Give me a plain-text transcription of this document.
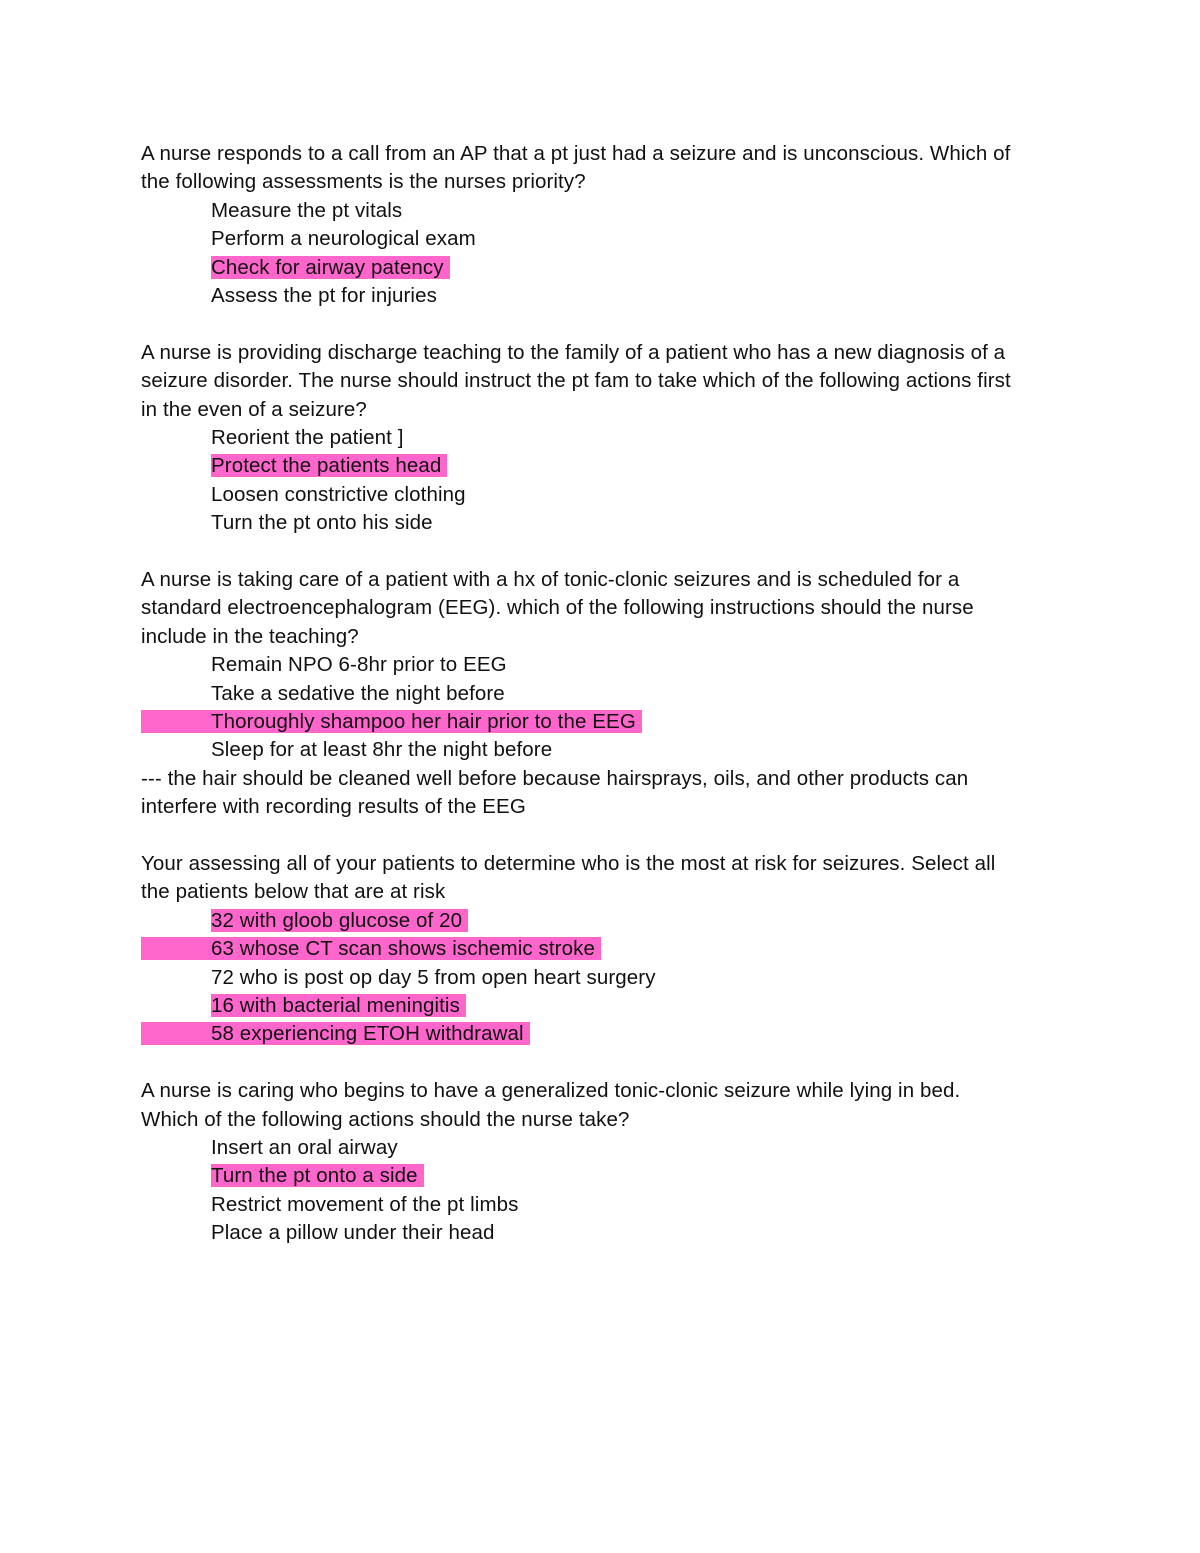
A nurse responds to a call from an AP that a pt just had a seizure and is unconscious. Which of
the following assessments is the nurses priority?
Measure the pt vitals
Perform a neurological exam
Check for airway patency
Assess the pt for injuries
A nurse is providing discharge teaching to the family of a patient who has a new diagnosis of a
seizure disorder. The nurse should instruct the pt fam to take which of the following actions first
in the even of a seizure?
Reorient the patient ]
Protect the patients head
Loosen constrictive clothing
Turn the pt onto his side
A nurse is taking care of a patient with a hx of tonic-clonic seizures and is scheduled for a
standard electroencephalogram (EEG). which of the following instructions should the nurse
include in the teaching?
Remain NPO 6-8hr prior to EEG
Take a sedative the night before
Thoroughly shampoo her hair prior to the EEG
Sleep for at least 8hr the night before
--- the hair should be cleaned well before because hairsprays, oils, and other products can
interfere with recording results of the EEG
Your assessing all of your patients to determine who is the most at risk for seizures. Select all
the patients below that are at risk
32 with gloob glucose of 20
63 whose CT scan shows ischemic stroke
72 who is post op day 5 from open heart surgery
16 with bacterial meningitis
58 experiencing ETOH withdrawal
A nurse is caring who begins to have a generalized tonic-clonic seizure while lying in bed.
Which of the following actions should the nurse take?
Insert an oral airway
Turn the pt onto a side
Restrict movement of the pt limbs
Place a pillow under their head
